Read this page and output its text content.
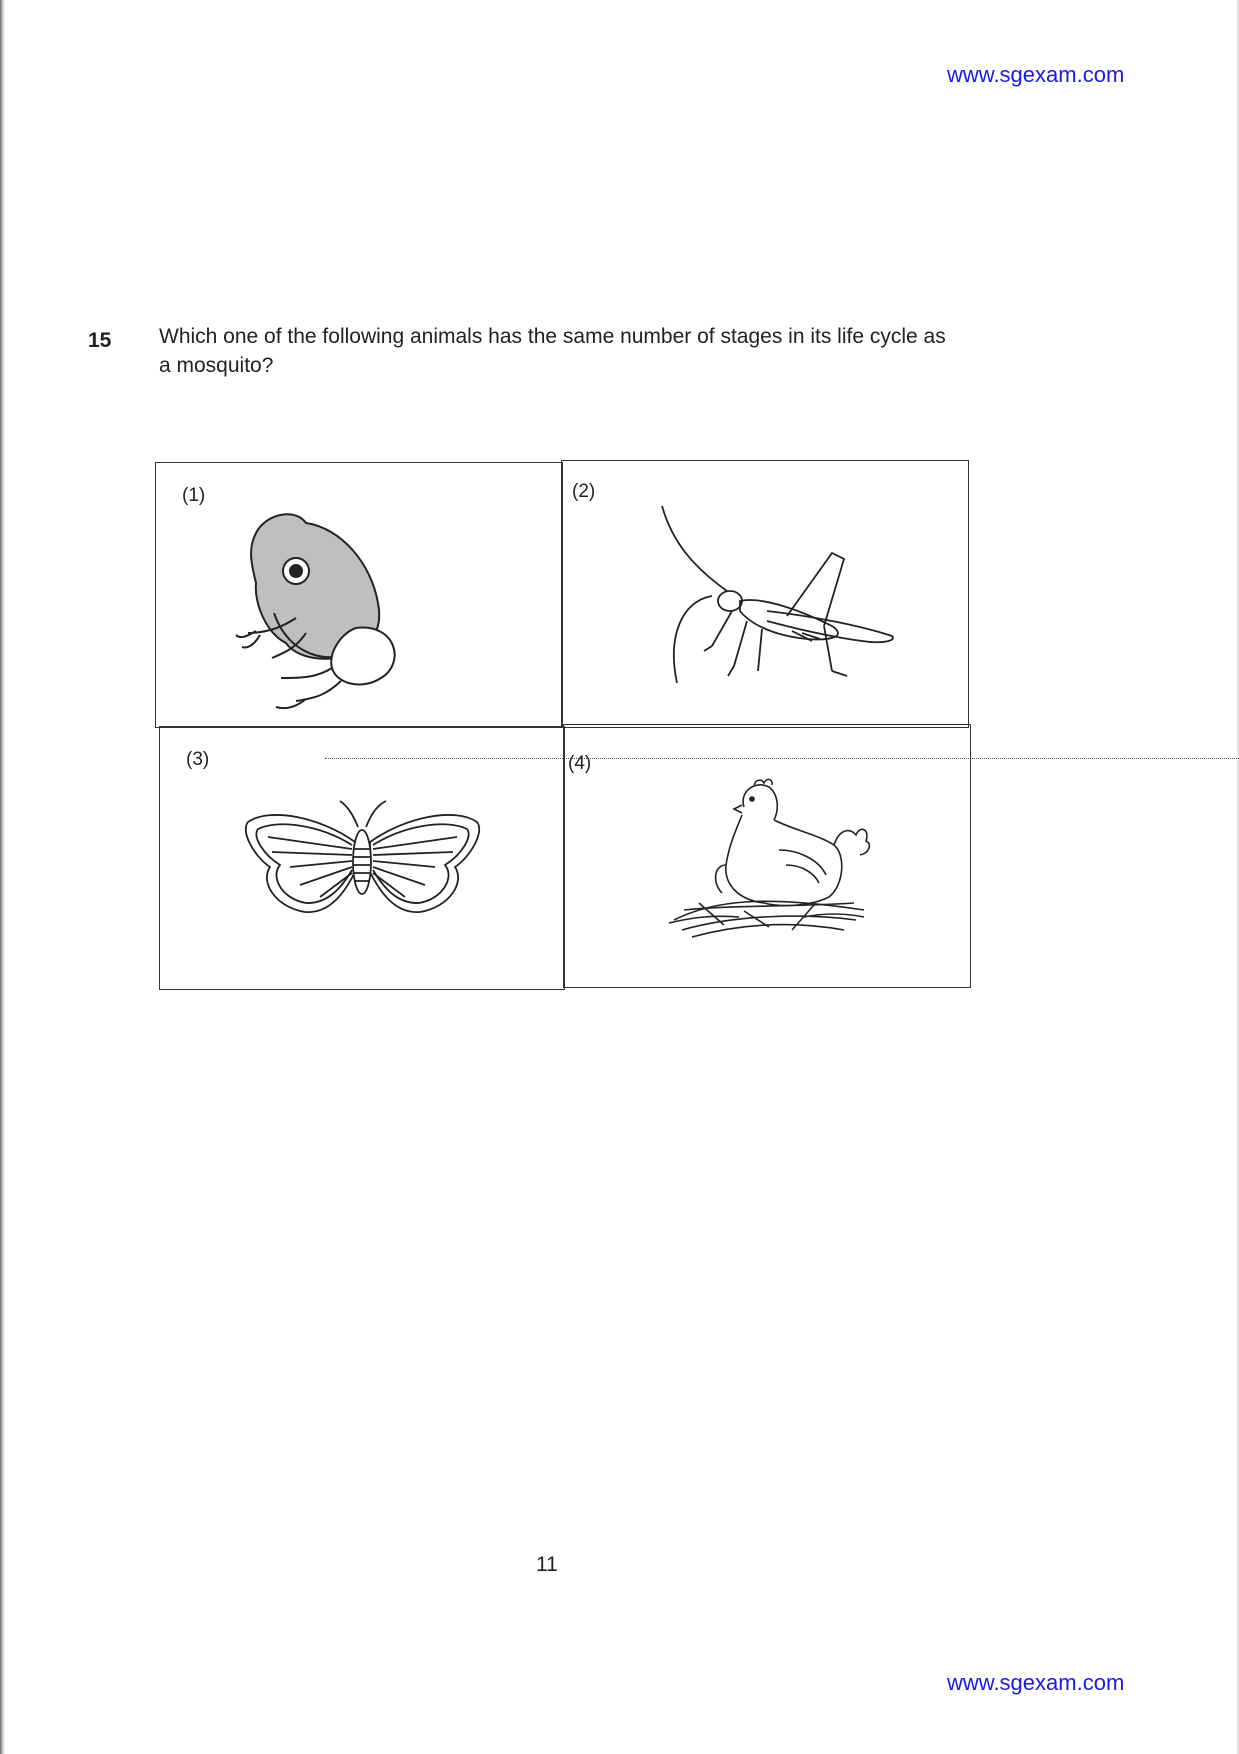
www.sgexam.com
15 Which one of the following animals has the same number of stages in its life cycle as a mosquito?
(1)	(2)
(3)	(4)
11
www.sgexam.com
